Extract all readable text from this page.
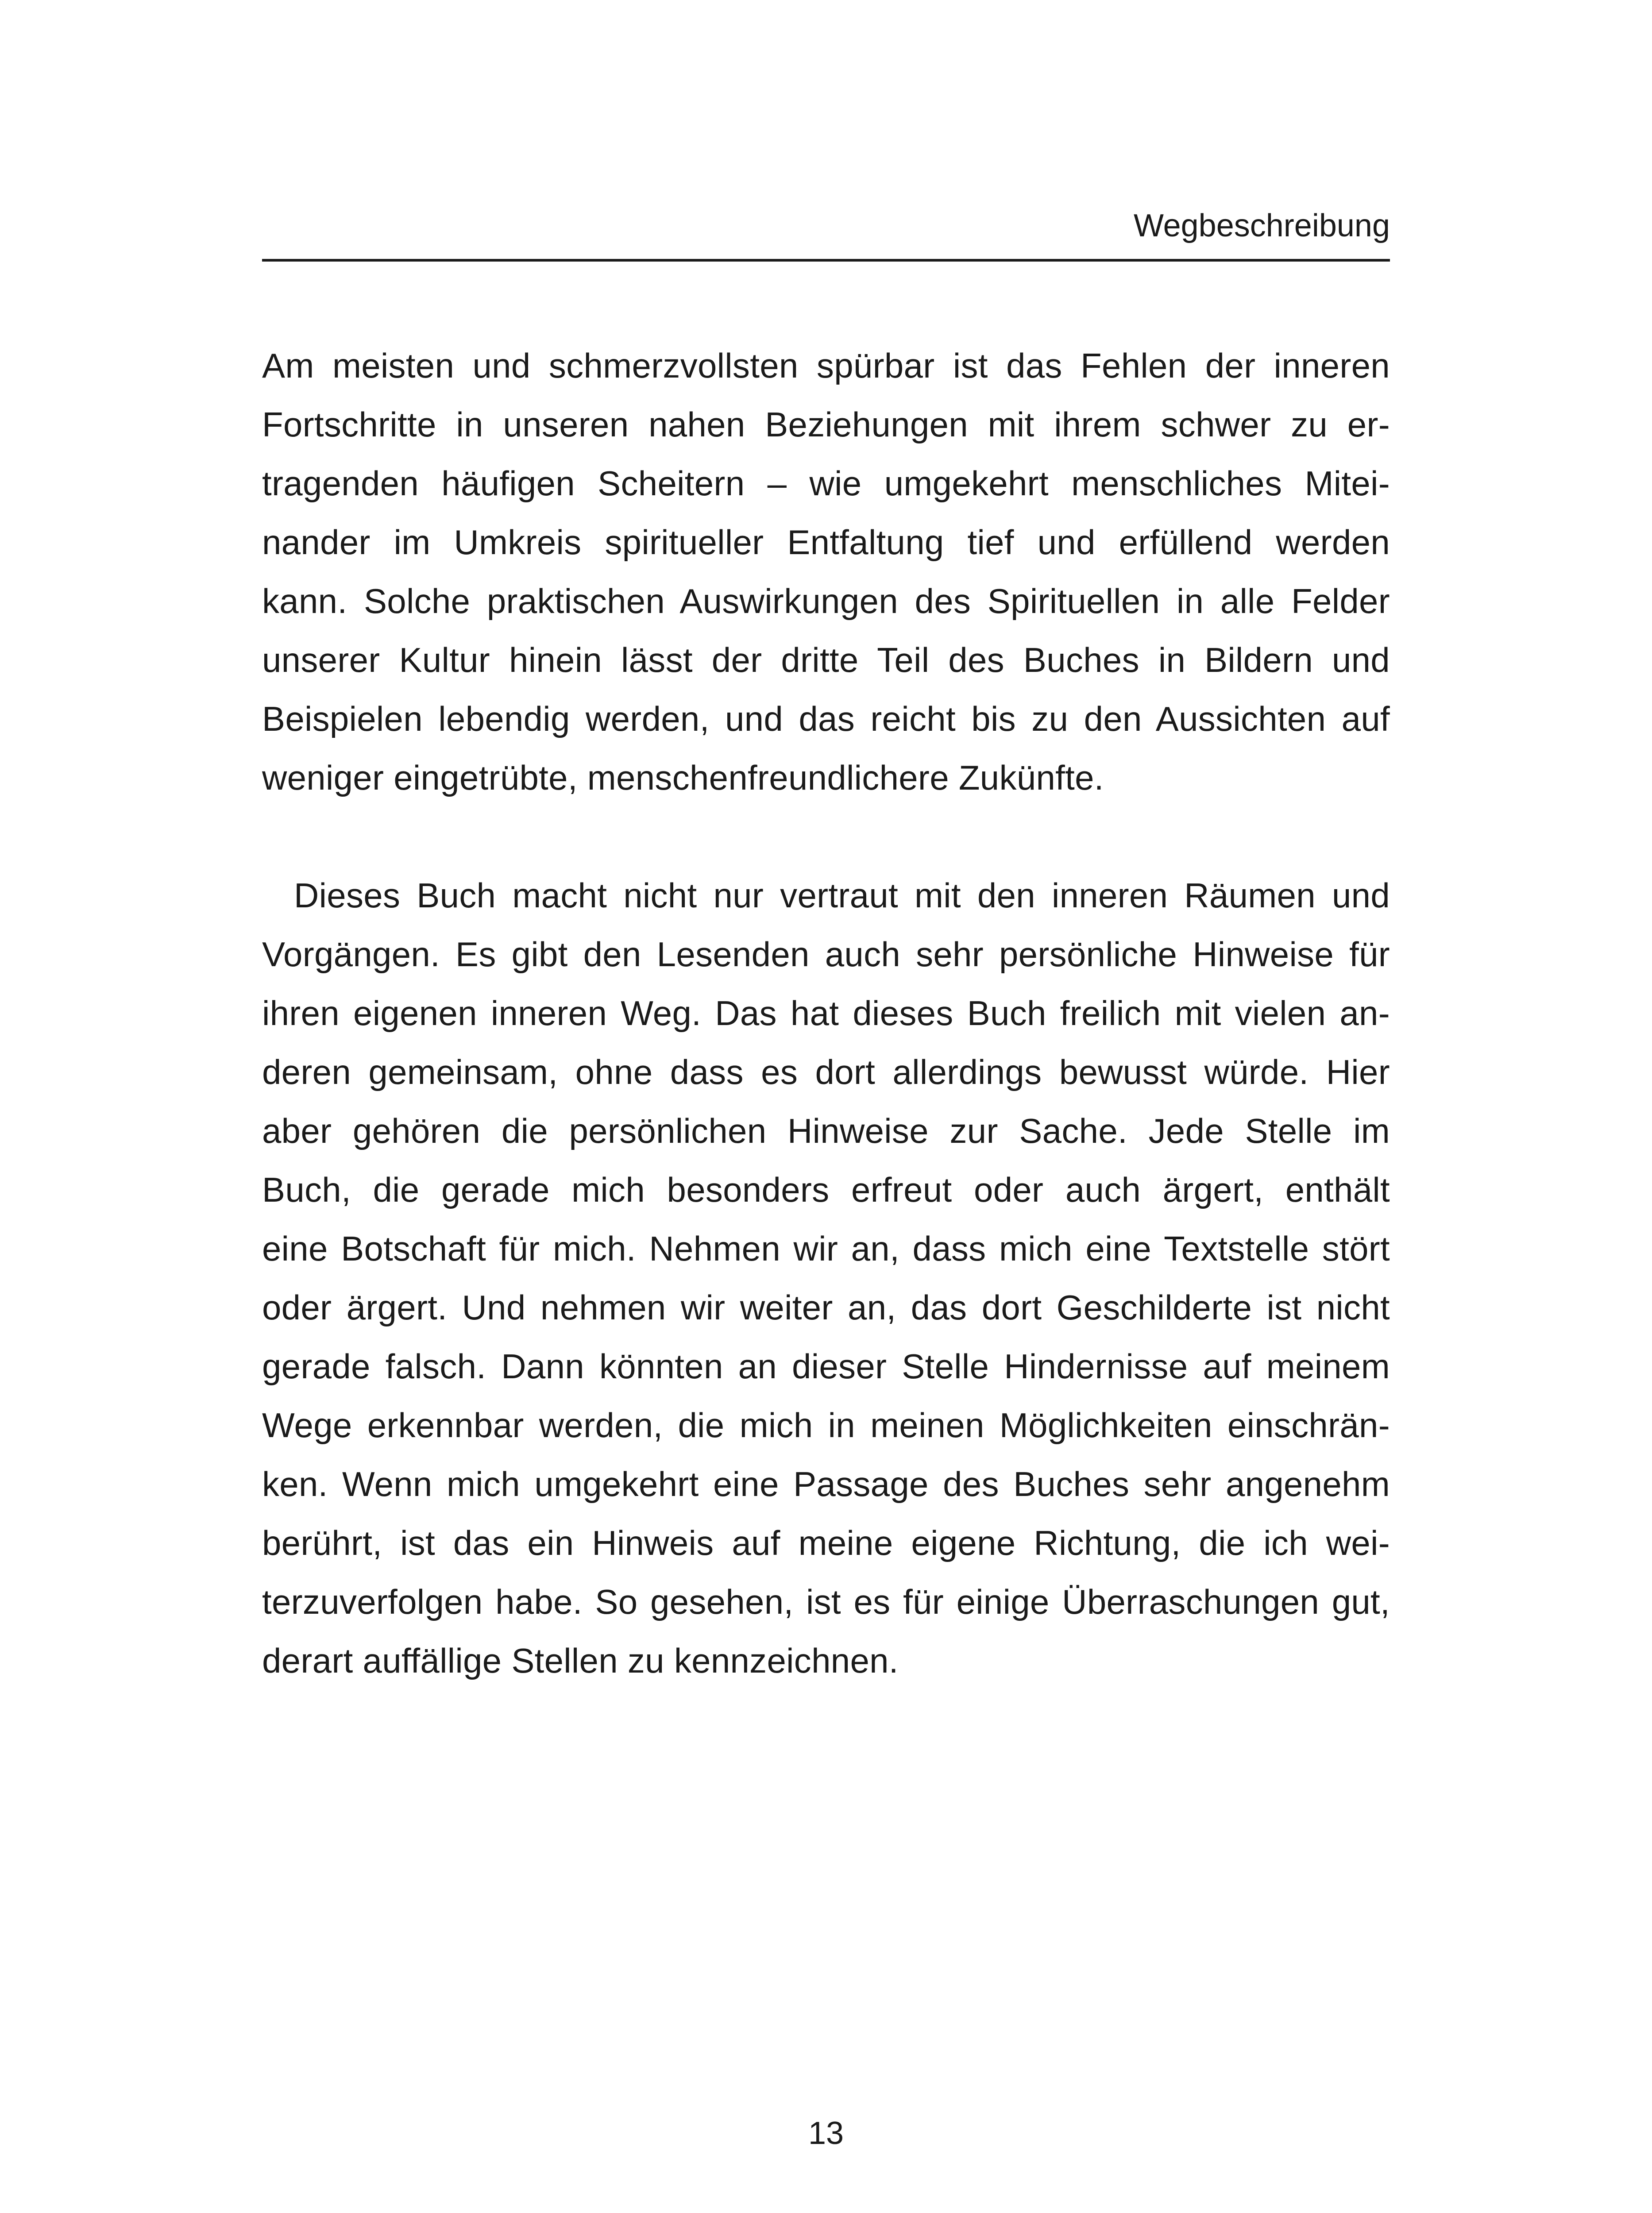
Wegbeschreibung
Am meisten und schmerzvollsten spürbar ist das Fehlen der inneren
Fortschritte in unseren nahen Beziehungen mit ihrem schwer zu er-
tragenden häufigen Scheitern – wie umgekehrt menschliches Mitei-
nander im Umkreis spiritueller Entfaltung tief und erfüllend werden
kann. Solche praktischen Auswirkungen des Spirituellen in alle Felder
unserer Kultur hinein lässt der dritte Teil des Buches in Bildern und
Beispielen lebendig werden, und das reicht bis zu den Aussichten auf
weniger eingetrübte, menschenfreundlichere Zukünfte.
Dieses Buch macht nicht nur vertraut mit den inneren Räumen und
Vorgängen. Es gibt den Lesenden auch sehr persönliche Hinweise für
ihren eigenen inneren Weg. Das hat dieses Buch freilich mit vielen an-
deren gemeinsam, ohne dass es dort allerdings bewusst würde. Hier
aber gehören die persönlichen Hinweise zur Sache. Jede Stelle im
Buch, die gerade mich besonders erfreut oder auch ärgert, enthält
eine Botschaft für mich. Nehmen wir an, dass mich eine Textstelle stört
oder ärgert. Und nehmen wir weiter an, das dort Geschilderte ist nicht
gerade falsch. Dann könnten an dieser Stelle Hindernisse auf meinem
Wege erkennbar werden, die mich in meinen Möglichkeiten einschrän-
ken. Wenn mich umgekehrt eine Passage des Buches sehr angenehm
berührt, ist das ein Hinweis auf meine eigene Richtung, die ich wei-
terzuverfolgen habe. So gesehen, ist es für einige Überraschungen gut,
derart auffällige Stellen zu kennzeichnen.
13
